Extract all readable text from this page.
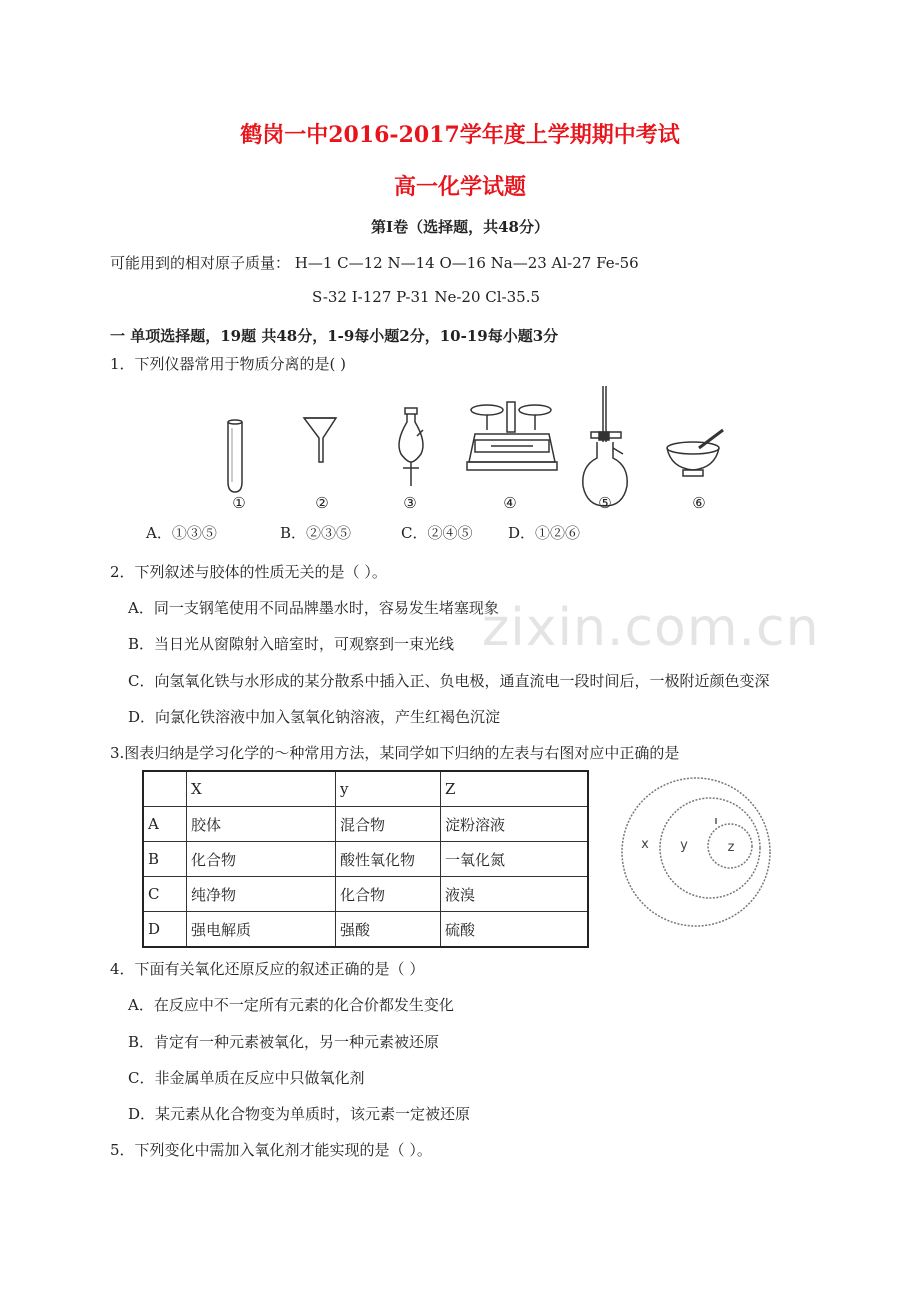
鹤岗一中2016-2017学年度上学期期中考试
高一化学试题
第Ⅰ卷（选择题，共48分）
可能用到的相对原子质量： H—1 C—12 N—14 O—16 Na—23 Al-27 Fe-56
S-32 I-127 P-31 Ne-20 Cl-35.5
一 单项选择题，19题 共48分，1-9每小题2分，10-19每小题3分
1．下列仪器常用于物质分离的是( )
①	②	③	④	⑤	⑥
A．①③⑤	B．②③⑤	C．②④⑤ D．①②⑥
zixin.com.cn
2．下列叙述与胶体的性质无关的是（ ）。
A．同一支钢笔使用不同品牌墨水时，容易发生堵塞现象
B．当日光从窗隙射入暗室时，可观察到一束光线
C．向氢氧化铁与水形成的某分散系中插入正、负电极，通直流电一段时间后，一极附近颜色变深
D．向氯化铁溶液中加入氢氧化钠溶液，产生红褐色沉淀
3.图表归纳是学习化学的～种常用方法，某同学如下归纳的左表与右图对应中正确的是
	X	y	Z
A	胶体	混合物	淀粉溶液
B	化合物	酸性氧化物	一氧化氮
C	纯净物	化合物	液溴
D	强电解质	强酸	硫酸
x y	z
4．下面有关氧化还原反应的叙述正确的是（ ）
A．在反应中不一定所有元素的化合价都发生变化
B．肯定有一种元素被氧化，另一种元素被还原
C．非金属单质在反应中只做氧化剂
D．某元素从化合物变为单质时，该元素一定被还原
5．下列变化中需加入氧化剂才能实现的是（ ）。
